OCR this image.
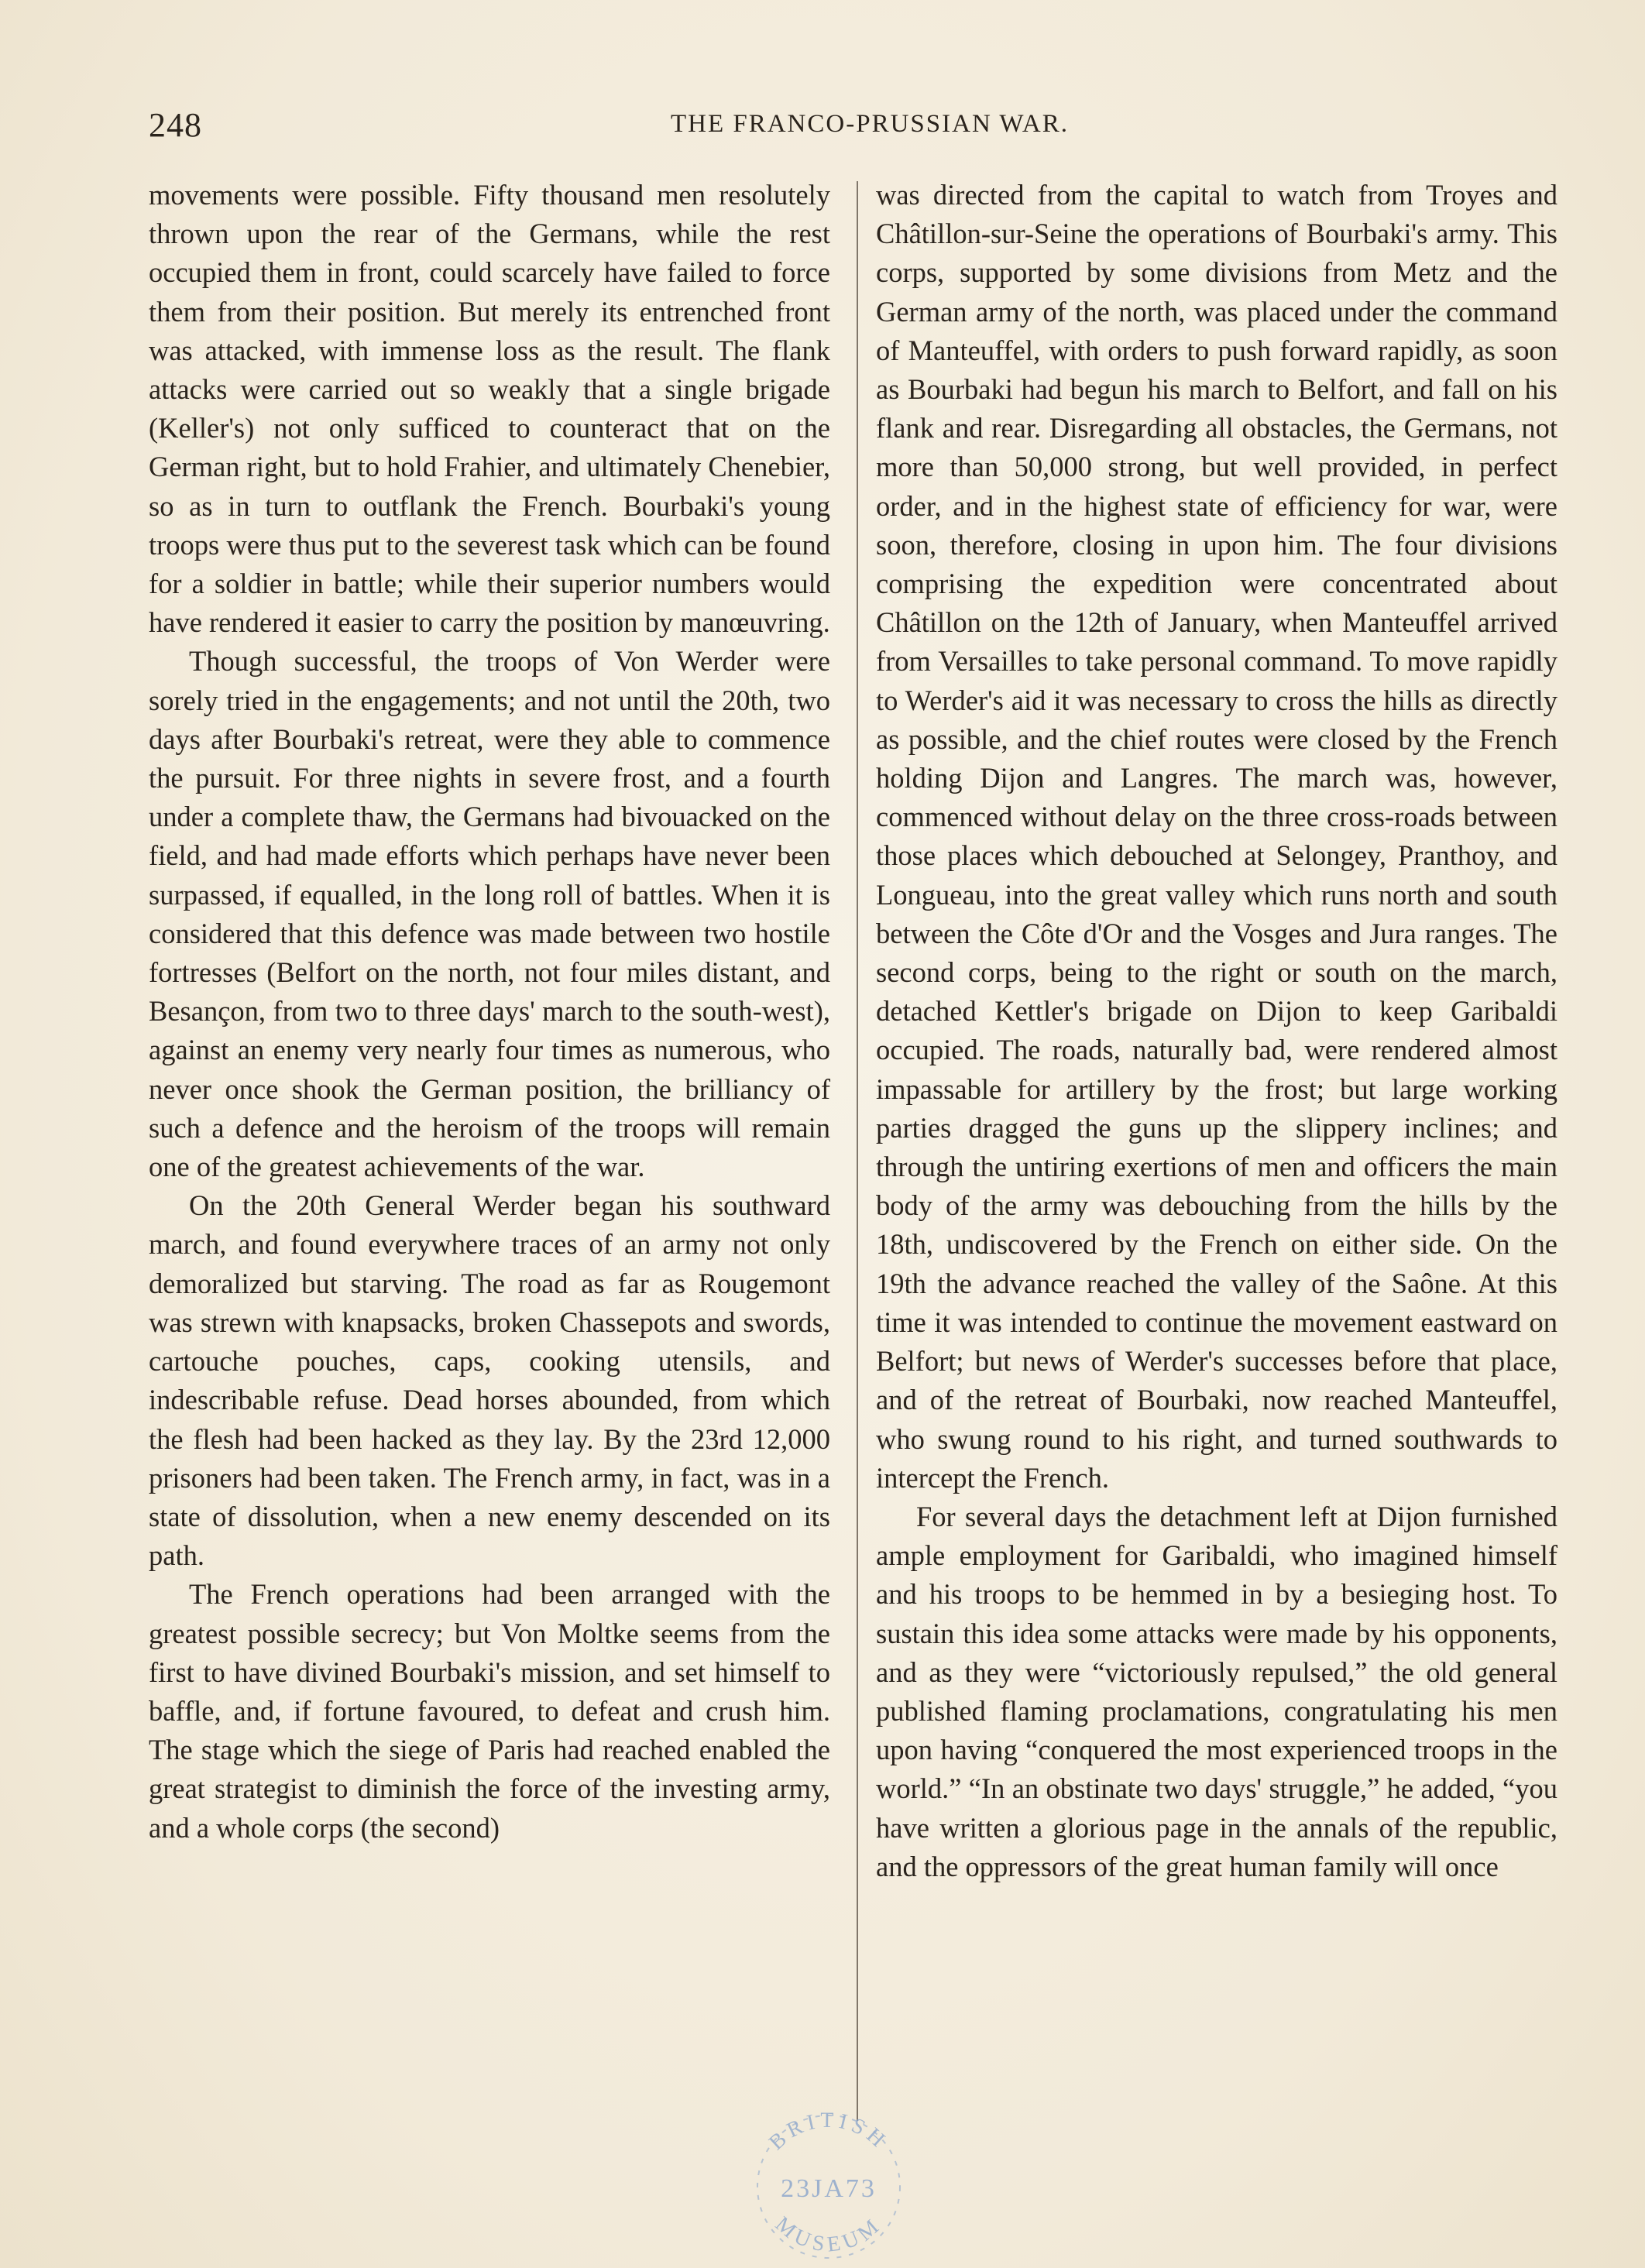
248	THE FRANCO-PRUSSIAN WAR.

movements were possible. Fifty thousand men resolutely thrown upon the rear of the Germans, while the rest occupied them in front, could scarcely have failed to force them from their position. But merely its entrenched front was attacked, with immense loss as the result. The flank attacks were carried out so weakly that a single brigade (Keller's) not only sufficed to counteract that on the German right, but to hold Frahier, and ultimately Chenebier, so as in turn to outflank the French. Bourbaki's young troops were thus put to the severest task which can be found for a soldier in battle; while their superior numbers would have rendered it easier to carry the position by manœuvring.

Though successful, the troops of Von Werder were sorely tried in the engagements; and not until the 20th, two days after Bourbaki's retreat, were they able to commence the pursuit. For three nights in severe frost, and a fourth under a complete thaw, the Germans had bivouacked on the field, and had made efforts which perhaps have never been surpassed, if equalled, in the long roll of battles. When it is considered that this defence was made between two hostile fortresses (Belfort on the north, not four miles distant, and Besançon, from two to three days' march to the south-west), against an enemy very nearly four times as numerous, who never once shook the German position, the brilliancy of such a defence and the heroism of the troops will remain one of the greatest achievements of the war.

On the 20th General Werder began his southward march, and found everywhere traces of an army not only demoralized but starving. The road as far as Rougemont was strewn with knapsacks, broken Chassepots and swords, cartouche pouches, caps, cooking utensils, and indescribable refuse. Dead horses abounded, from which the flesh had been hacked as they lay. By the 23rd 12,000 prisoners had been taken. The French army, in fact, was in a state of dissolution, when a new enemy descended on its path.

The French operations had been arranged with the greatest possible secrecy; but Von Moltke seems from the first to have divined Bourbaki's mission, and set himself to baffle, and, if fortune favoured, to defeat and crush him. The stage which the siege of Paris had reached enabled the great strategist to diminish the force of the investing army, and a whole corps (the second)

was directed from the capital to watch from Troyes and Châtillon-sur-Seine the operations of Bourbaki's army. This corps, supported by some divisions from Metz and the German army of the north, was placed under the command of Manteuffel, with orders to push forward rapidly, as soon as Bourbaki had begun his march to Belfort, and fall on his flank and rear. Disregarding all obstacles, the Germans, not more than 50,000 strong, but well provided, in perfect order, and in the highest state of efficiency for war, were soon, therefore, closing in upon him. The four divisions comprising the expedition were concentrated about Châtillon on the 12th of January, when Manteuffel arrived from Versailles to take personal command. To move rapidly to Werder's aid it was necessary to cross the hills as directly as possible, and the chief routes were closed by the French holding Dijon and Langres. The march was, however, commenced without delay on the three cross-roads between those places which debouched at Selongey, Pranthoy, and Longueau, into the great valley which runs north and south between the Côte d'Or and the Vosges and Jura ranges. The second corps, being to the right or south on the march, detached Kettler's brigade on Dijon to keep Garibaldi occupied. The roads, naturally bad, were rendered almost impassable for artillery by the frost; but large working parties dragged the guns up the slippery inclines; and through the untiring exertions of men and officers the main body of the army was debouching from the hills by the 18th, undiscovered by the French on either side. On the 19th the advance reached the valley of the Saône. At this time it was intended to continue the movement eastward on Belfort; but news of Werder's successes before that place, and of the retreat of Bourbaki, now reached Manteuffel, who swung round to his right, and turned southwards to intercept the French.

For several days the detachment left at Dijon furnished ample employment for Garibaldi, who imagined himself and his troops to be hemmed in by a besieging host. To sustain this idea some attacks were made by his opponents, and as they were “victoriously repulsed,” the old general published flaming proclamations, congratulating his men upon having “conquered the most experienced troops in the world.” “In an obstinate two days' struggle,” he added, “you have written a glorious page in the annals of the republic, and the oppressors of the great human family will once

BRITISH
23JA73
MUSEUM
